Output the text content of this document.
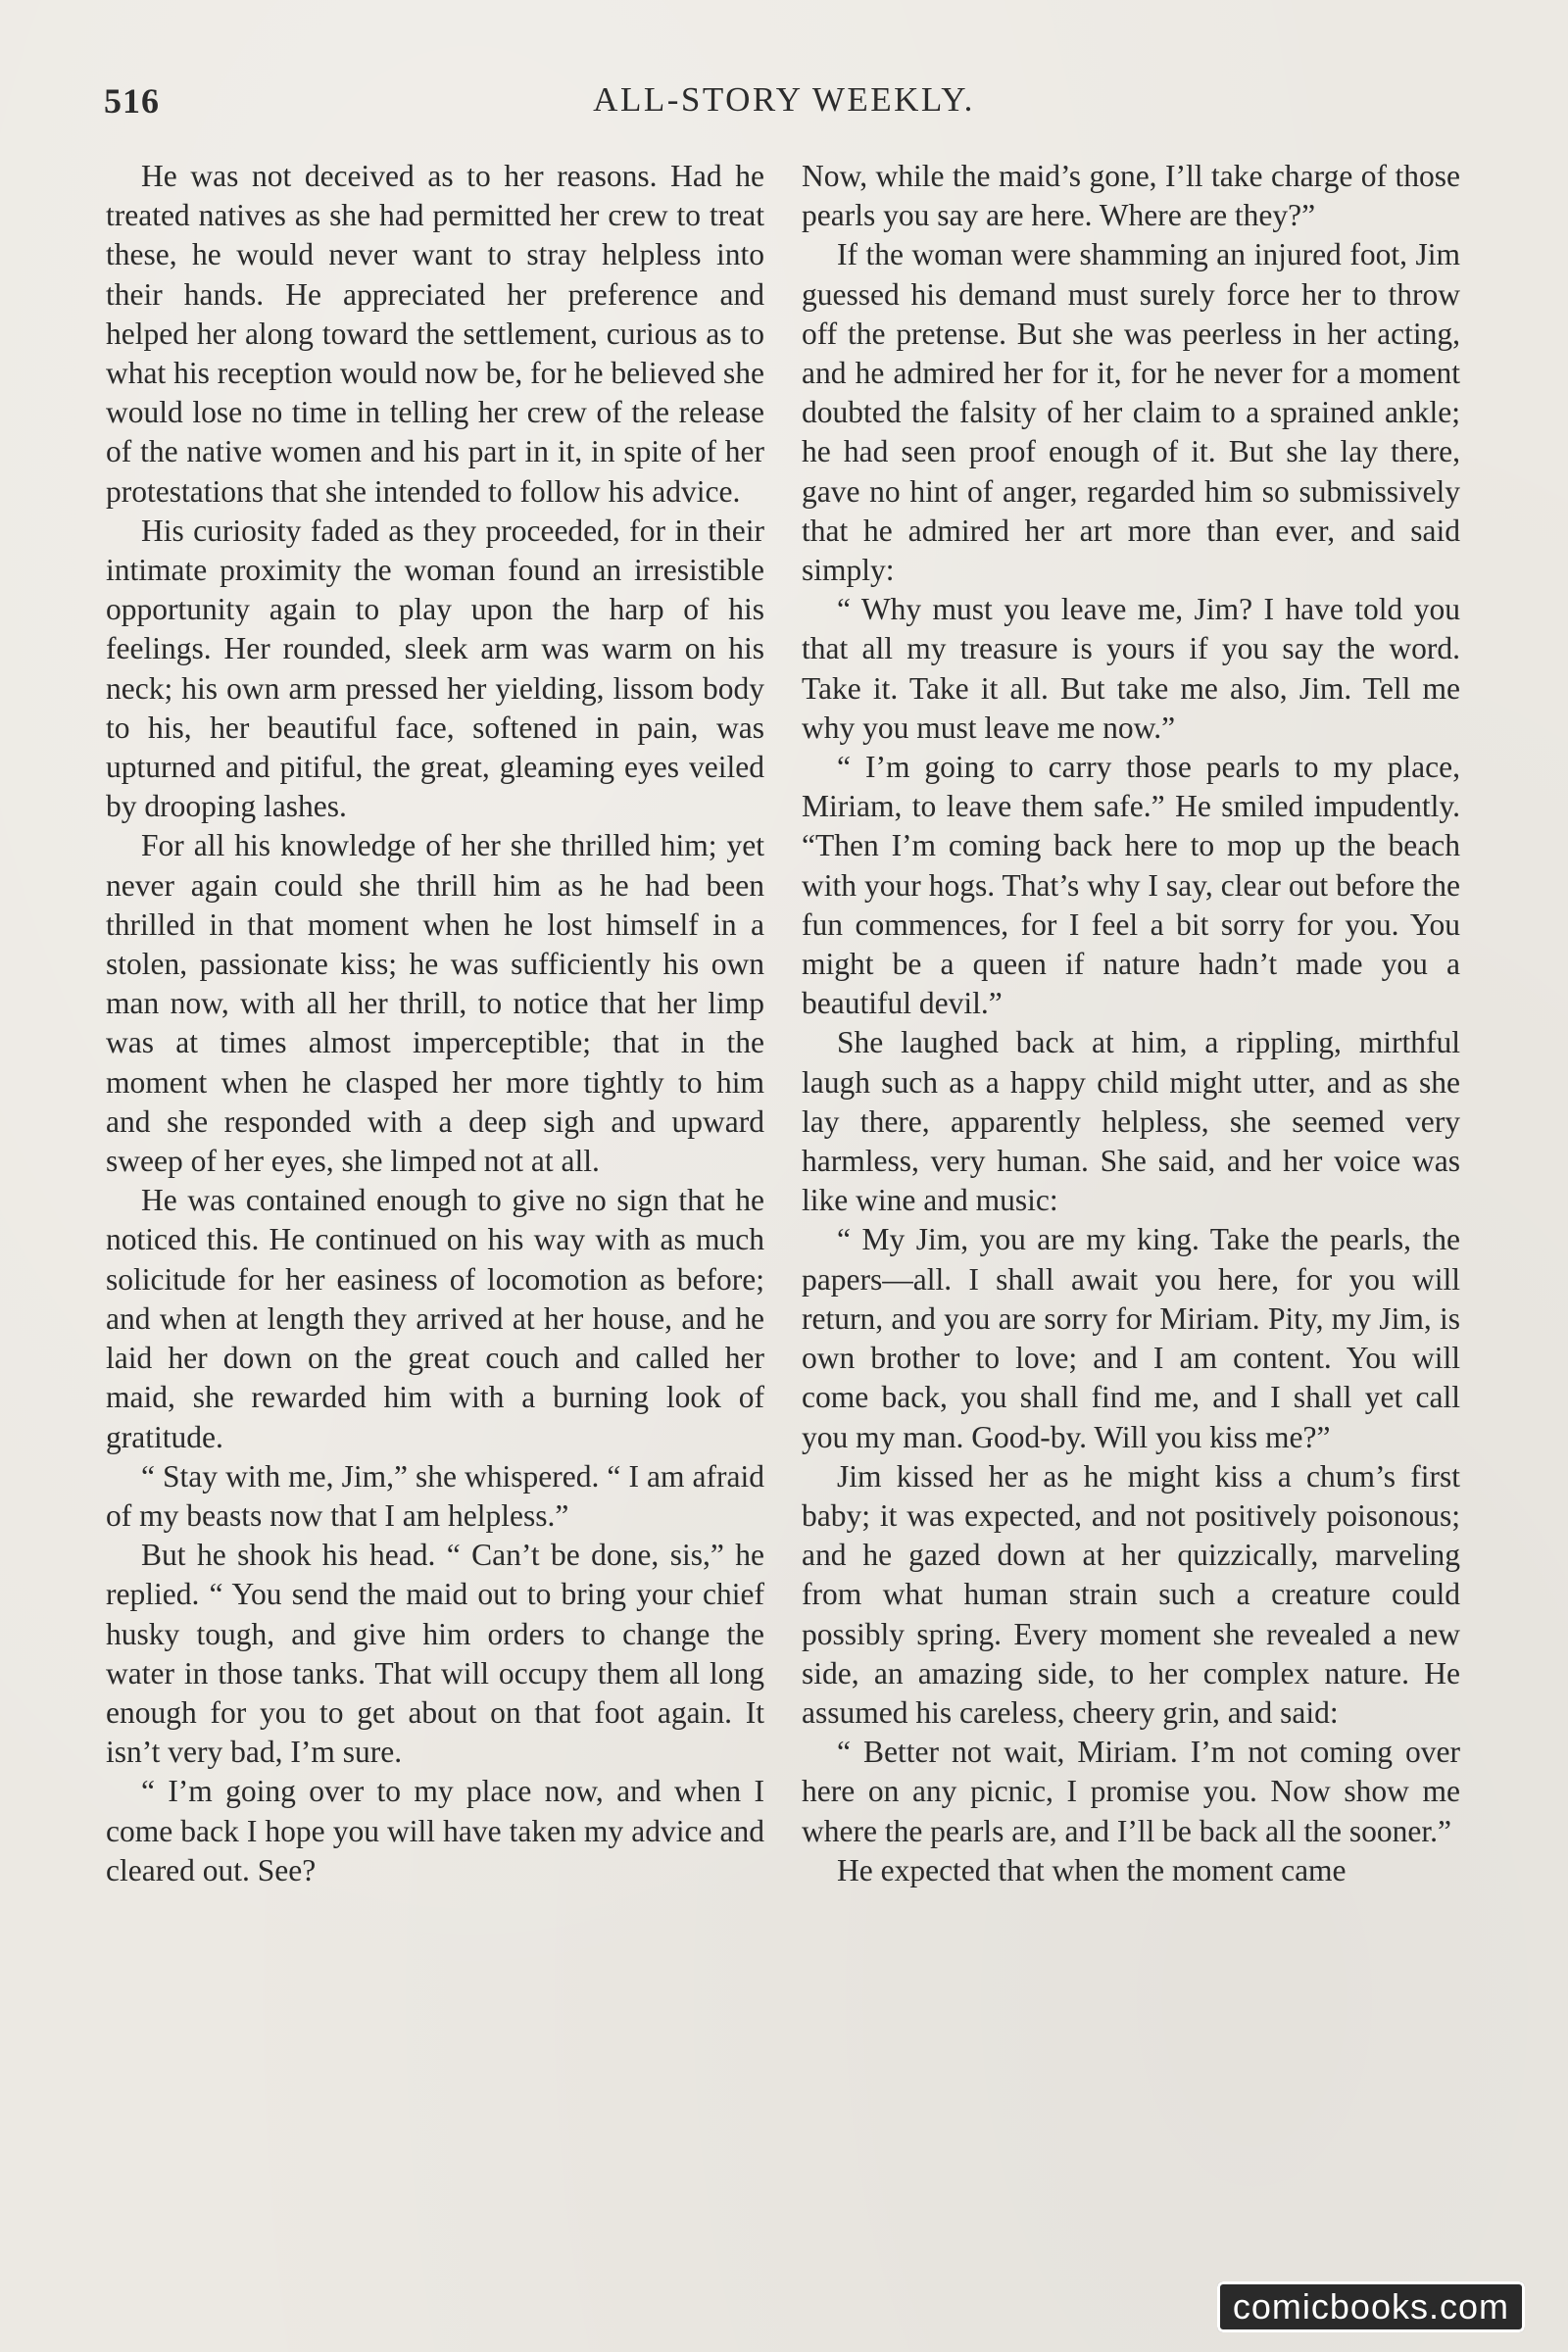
516	ALL-STORY WEEKLY.

He was not deceived as to her reasons. Had he treated natives as she had permitted her crew to treat these, he would never want to stray helpless into their hands. He appreciated her preference and helped her along toward the settlement, curious as to what his reception would now be, for he believed she would lose no time in telling her crew of the release of the native women and his part in it, in spite of her protestations that she intended to follow his advice.

His curiosity faded as they proceeded, for in their intimate proximity the woman found an irresistible opportunity again to play upon the harp of his feelings. Her rounded, sleek arm was warm on his neck; his own arm pressed her yielding, lissom body to his, her beautiful face, softened in pain, was upturned and pitiful, the great, gleaming eyes veiled by drooping lashes.

For all his knowledge of her she thrilled him; yet never again could she thrill him as he had been thrilled in that moment when he lost himself in a stolen, passionate kiss; he was sufficiently his own man now, with all her thrill, to notice that her limp was at times almost imperceptible; that in the moment when he clasped her more tightly to him and she responded with a deep sigh and upward sweep of her eyes, she limped not at all.

He was contained enough to give no sign that he noticed this. He continued on his way with as much solicitude for her easiness of locomotion as before; and when at length they arrived at her house, and he laid her down on the great couch and called her maid, she rewarded him with a burning look of gratitude.

“ Stay with me, Jim,” she whispered. “ I am afraid of my beasts now that I am helpless.”

But he shook his head. “ Can’t be done, sis,” he replied. “ You send the maid out to bring your chief husky tough, and give him orders to change the water in those tanks. That will occupy them all long enough for you to get about on that foot again. It isn’t very bad, I’m sure.

“ I’m going over to my place now, and when I come back I hope you will have taken my advice and cleared out. See?

Now, while the maid’s gone, I’ll take charge of those pearls you say are here. Where are they?”

If the woman were shamming an injured foot, Jim guessed his demand must surely force her to throw off the pretense. But she was peerless in her acting, and he admired her for it, for he never for a moment doubted the falsity of her claim to a sprained ankle; he had seen proof enough of it. But she lay there, gave no hint of anger, regarded him so submissively that he admired her art more than ever, and said simply:

“ Why must you leave me, Jim? I have told you that all my treasure is yours if you say the word. Take it. Take it all. But take me also, Jim. Tell me why you must leave me now.”

“ I’m going to carry those pearls to my place, Miriam, to leave them safe.” He smiled impudently. “Then I’m coming back here to mop up the beach with your hogs. That’s why I say, clear out before the fun commences, for I feel a bit sorry for you. You might be a queen if nature hadn’t made you a beautiful devil.”

She laughed back at him, a rippling, mirthful laugh such as a happy child might utter, and as she lay there, apparently helpless, she seemed very harmless, very human. She said, and her voice was like wine and music:

“ My Jim, you are my king. Take the pearls, the papers—all. I shall await you here, for you will return, and you are sorry for Miriam. Pity, my Jim, is own brother to love; and I am content. You will come back, you shall find me, and I shall yet call you my man. Good-by. Will you kiss me?”

Jim kissed her as he might kiss a chum’s first baby; it was expected, and not positively poisonous; and he gazed down at her quizzically, marveling from what human strain such a creature could possibly spring. Every moment she revealed a new side, an amazing side, to her complex nature. He assumed his careless, cheery grin, and said:

“ Better not wait, Miriam. I’m not coming over here on any picnic, I promise you. Now show me where the pearls are, and I’ll be back all the sooner.”

He expected that when the moment came

comicbooks.com
